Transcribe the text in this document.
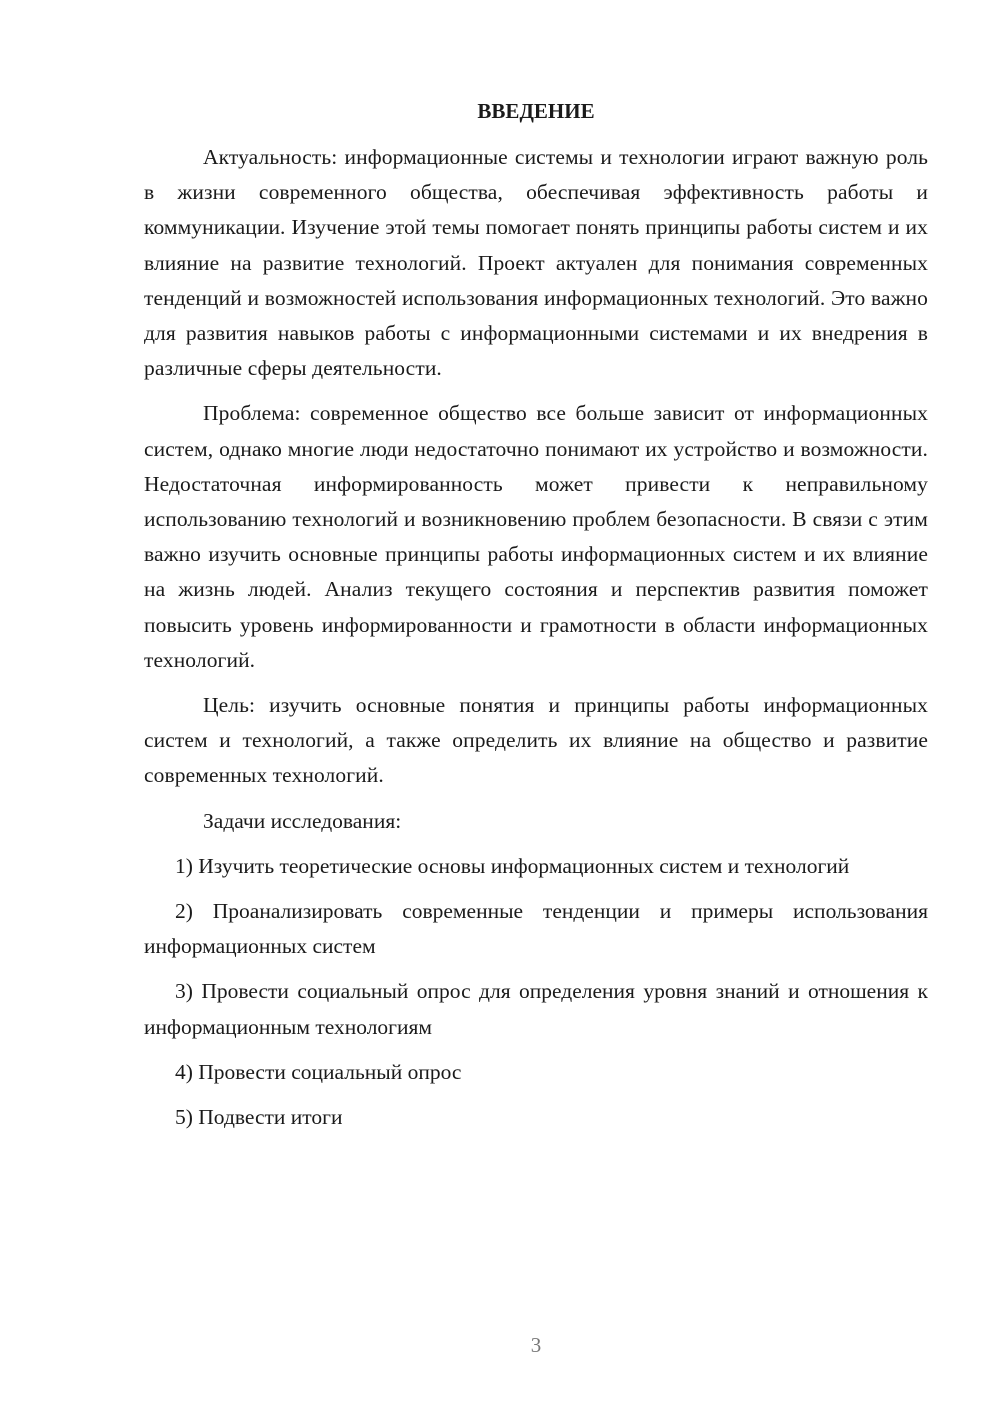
ВВЕДЕНИЕ

Актуальность: информационные системы и технологии играют важную роль в жизни современного общества, обеспечивая эффективность работы и коммуникации. Изучение этой темы помогает понять принципы работы систем и их влияние на развитие технологий. Проект актуален для понимания современных тенденций и возможностей использования информационных технологий. Это важно для развития навыков работы с информационными системами и их внедрения в различные сферы деятельности.

Проблема: современное общество все больше зависит от информационных систем, однако многие люди недостаточно понимают их устройство и возможности. Недостаточная информированность может привести к неправильному использованию технологий и возникновению проблем безопасности. В связи с этим важно изучить основные принципы работы информационных систем и их влияние на жизнь людей. Анализ текущего состояния и перспектив развития поможет повысить уровень информированности и грамотности в области информационных технологий.

Цель: изучить основные понятия и принципы работы информационных систем и технологий, а также определить их влияние на общество и развитие современных технологий.

Задачи исследования:

1) Изучить теоретические основы информационных систем и технологий

2) Проанализировать современные тенденции и примеры использования информационных систем

3) Провести социальный опрос для определения уровня знаний и отношения к информационным технологиям

4) Провести социальный опрос

5) Подвести итоги

3
